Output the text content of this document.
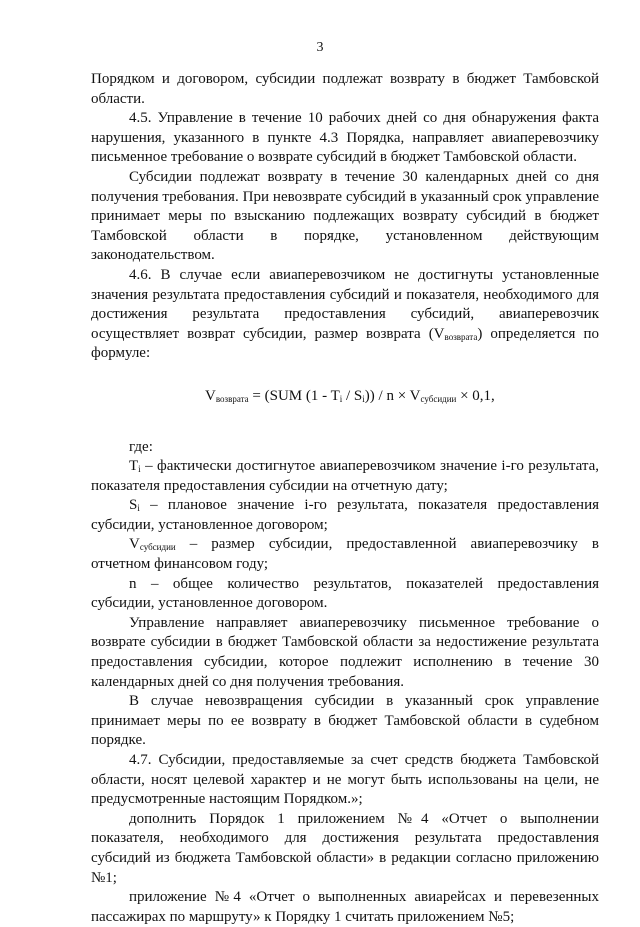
3

Порядком и договором, субсидии подлежат возврату в бюджет Тамбовской области.

4.5. Управление в течение 10 рабочих дней со дня обнаружения факта нарушения, указанного в пункте 4.3 Порядка, направляет авиаперевозчику письменное требование о возврате субсидий в бюджет Тамбовской области.

Субсидии подлежат возврату в течение 30 календарных дней со дня получения требования. При невозврате субсидий в указанный срок управление принимает меры по взысканию подлежащих возврату субсидий в бюджет Тамбовской области в порядке, установленном действующим законодательством.

4.6. В случае если авиаперевозчиком не достигнуты установленные значения результата предоставления субсидий и показателя, необходимого для достижения результата предоставления субсидий, авиаперевозчик осуществляет возврат субсидии, размер возврата $(V_{возврата})$ определяется по формуле:

$V_{возврата} = (SUM$ $(1 - T_i / S_i)) / n \times V_{субсидии} \times 0,1$,

где:

$T_i$ – фактически достигнутое авиаперевозчиком значение i-го результата, показателя предоставления субсидии на отчетную дату;

$S_i$ – плановое значение i-го результата, показателя предоставления субсидии, установленное договором;

$V_{субсидии}$ – размер субсидии, предоставленной авиаперевозчику в отчетном финансовом году;

n – общее количество результатов, показателей предоставления субсидии, установленное договором.

Управление направляет авиаперевозчику письменное требование о возврате субсидии в бюджет Тамбовской области за недостижение результата предоставления субсидии, которое подлежит исполнению в течение 30 календарных дней со дня получения требования.

В случае невозвращения субсидии в указанный срок управление принимает меры по ее возврату в бюджет Тамбовской области в судебном порядке.

4.7. Субсидии, предоставляемые за счет средств бюджета Тамбовской области, носят целевой характер и не могут быть использованы на цели, не предусмотренные настоящим Порядком.»;

дополнить Порядок 1 приложением №4 «Отчет о выполнении показателя, необходимого для достижения результата предоставления субсидий из бюджета Тамбовской области» в редакции согласно приложению №1;

приложение №4 «Отчет о выполненных авиарейсах и перевезенных пассажирах по маршруту» к Порядку 1 считать приложением №5;
